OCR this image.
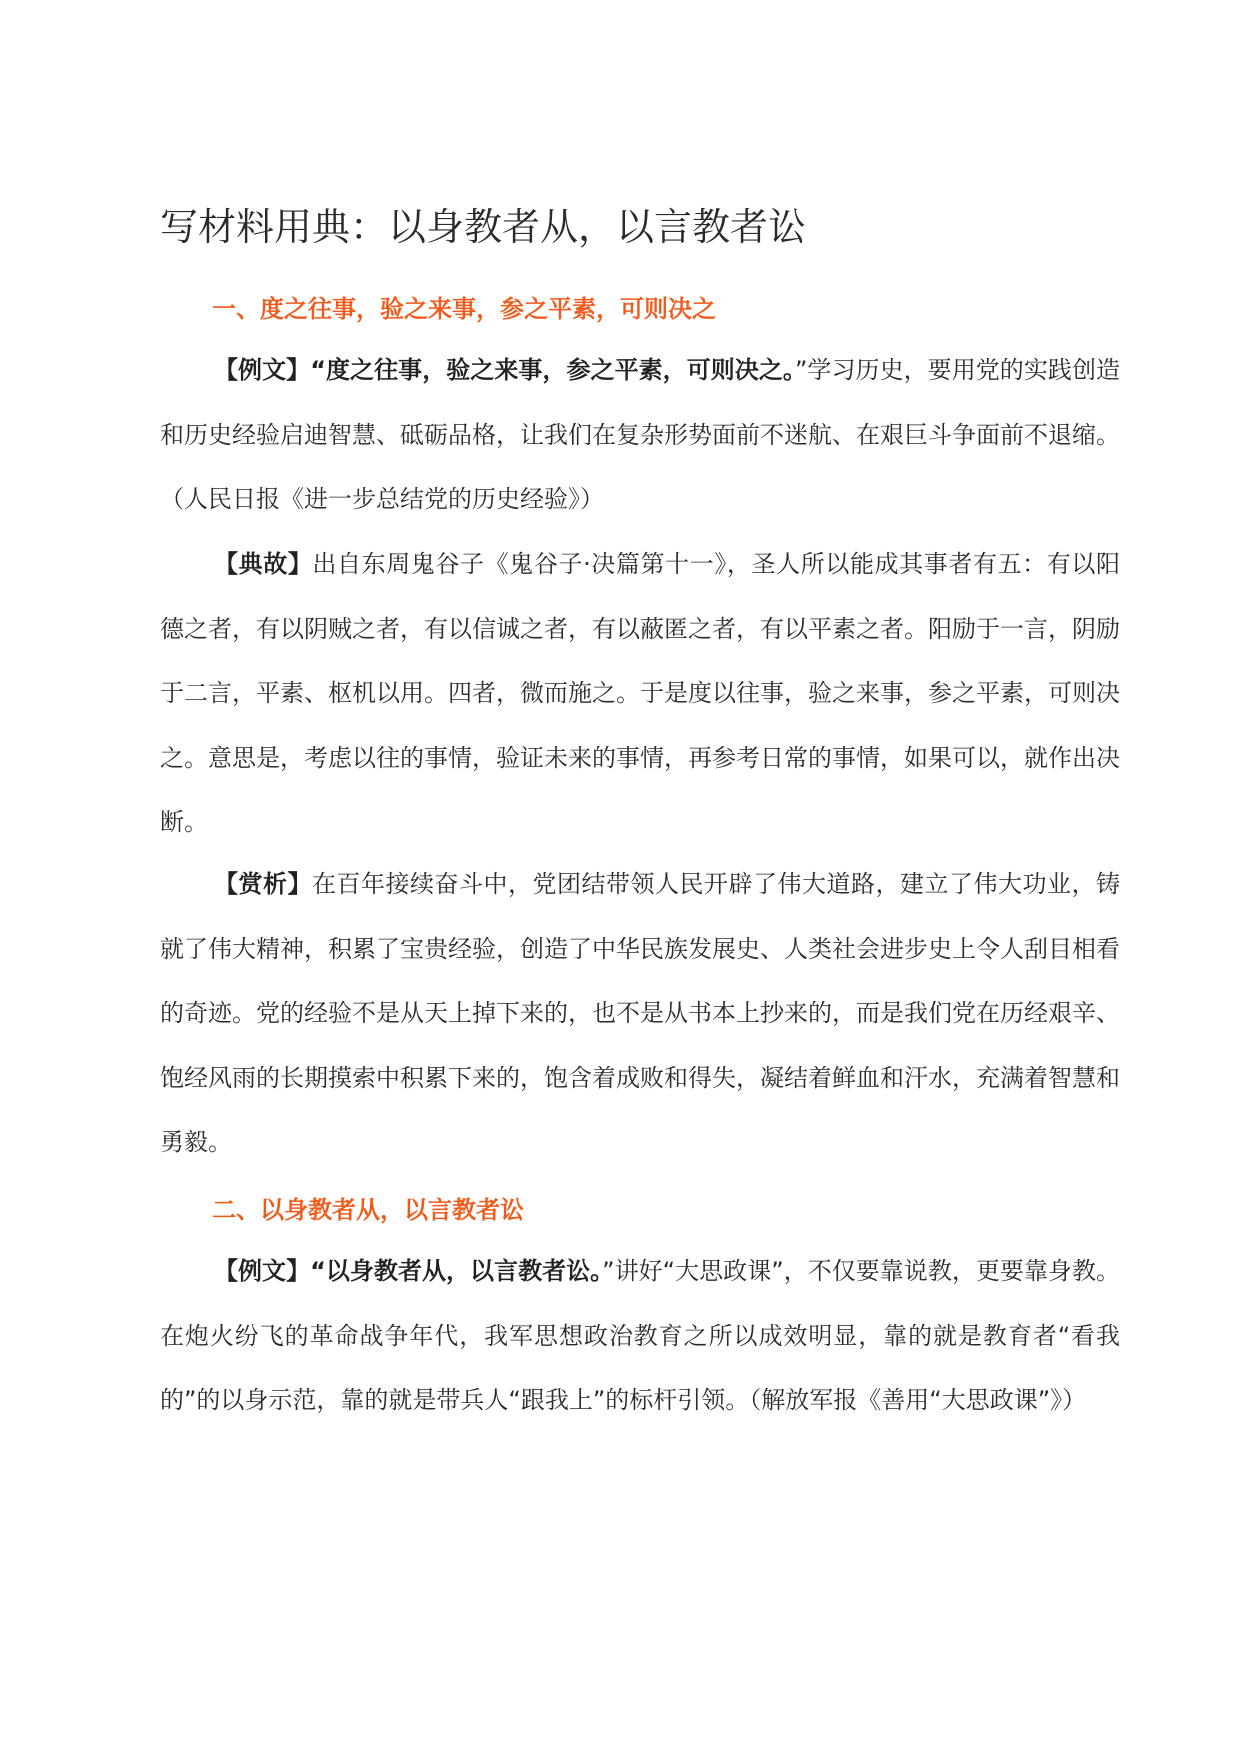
写材料用典：以身教者从，以言教者讼
一、度之往事，验之来事，参之平素，可则决之
【例文】“度之往事，验之来事，参之平素，可则决之。”学习历史，要用党的实践创造和历史经验启迪智慧、砥砺品格，让我们在复杂形势面前不迷航、在艰巨斗争面前不退缩。（人民日报《进一步总结党的历史经验》）
【典故】出自东周鬼谷子《鬼谷子·决篇第十一》，圣人所以能成其事者有五：有以阳德之者，有以阴贼之者，有以信诚之者，有以蔽匿之者，有以平素之者。阳励于一言，阴励于二言，平素、枢机以用。四者，微而施之。于是度以往事，验之来事，参之平素，可则决之。意思是，考虑以往的事情，验证未来的事情，再参考日常的事情，如果可以，就作出决断。
【赏析】在百年接续奋斗中，党团结带领人民开辟了伟大道路，建立了伟大功业，铸就了伟大精神，积累了宝贵经验，创造了中华民族发展史、人类社会进步史上令人刮目相看的奇迹。党的经验不是从天上掉下来的，也不是从书本上抄来的，而是我们党在历经艰辛、饱经风雨的长期摸索中积累下来的，饱含着成败和得失，凝结着鲜血和汗水，充满着智慧和勇毅。
二、以身教者从，以言教者讼
【例文】“以身教者从，以言教者讼。”讲好“大思政课”，不仅要靠说教，更要靠身教。在炮火纷飞的革命战争年代，我军思想政治教育之所以成效明显，靠的就是教育者“看我的”的以身示范，靠的就是带兵人“跟我上”的标杆引领。（解放军报《善用“大思政课”》）
